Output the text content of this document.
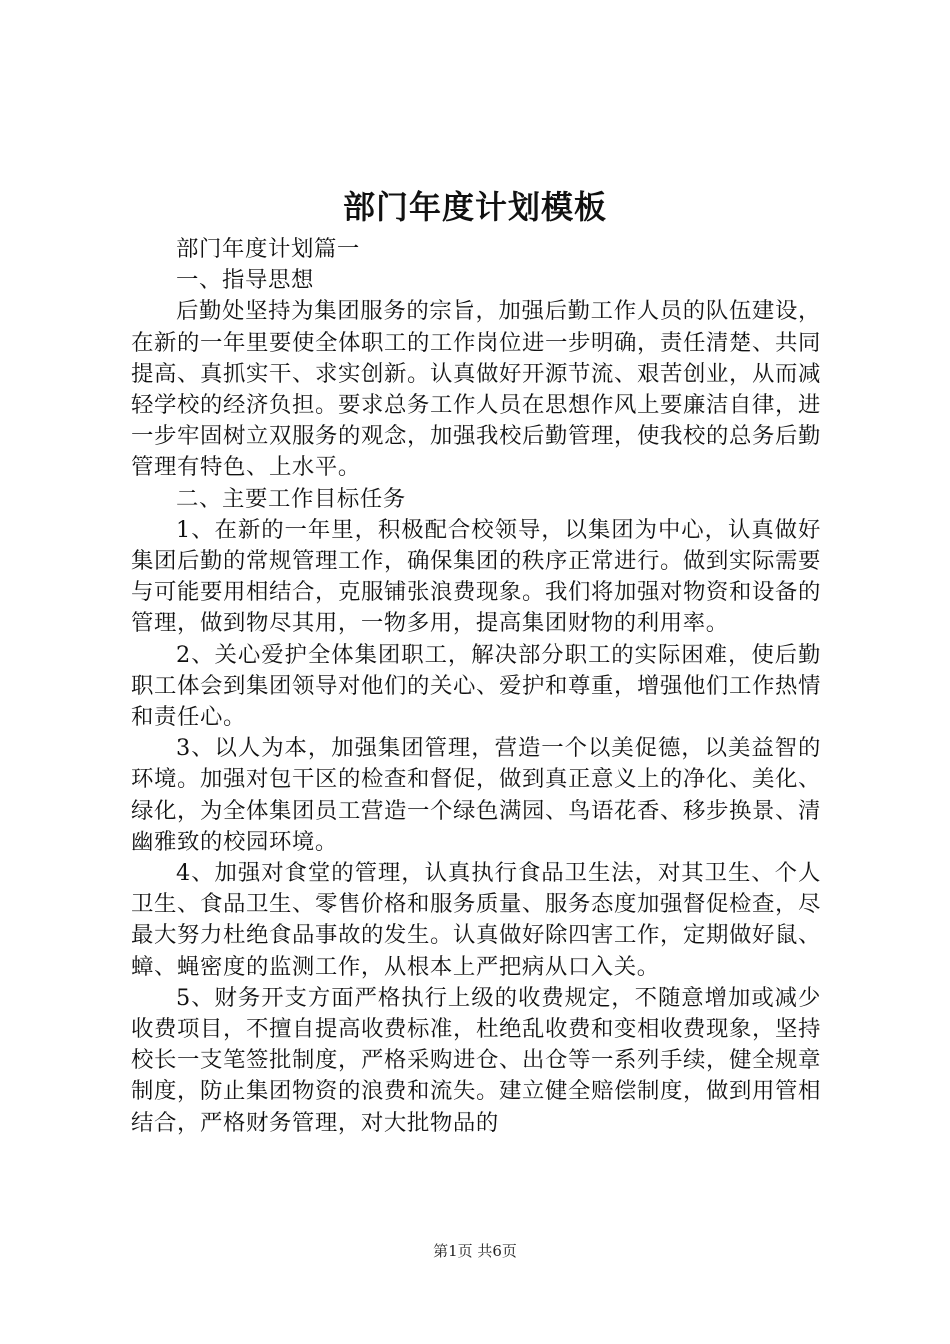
部门年度计划模板

部门年度计划篇一

一、指导思想

后勤处坚持为集团服务的宗旨，加强后勤工作人员的队伍建设，在新的一年里要使全体职工的工作岗位进一步明确，责任清楚、共同提高、真抓实干、求实创新。认真做好开源节流、艰苦创业，从而减轻学校的经济负担。要求总务工作人员在思想作风上要廉洁自律，进一步牢固树立双服务的观念，加强我校后勤管理，使我校的总务后勤管理有特色、上水平。

二、主要工作目标任务

1、在新的一年里，积极配合校领导，以集团为中心，认真做好集团后勤的常规管理工作，确保集团的秩序正常进行。做到实际需要与可能要用相结合，克服铺张浪费现象。我们将加强对物资和设备的管理，做到物尽其用，一物多用，提高集团财物的利用率。

2、关心爱护全体集团职工，解决部分职工的实际困难，使后勤职工体会到集团领导对他们的关心、爱护和尊重，增强他们工作热情和责任心。

3、以人为本，加强集团管理，营造一个以美促德，以美益智的环境。加强对包干区的检查和督促，做到真正意义上的净化、美化、绿化，为全体集团员工营造一个绿色满园、鸟语花香、移步换景、清幽雅致的校园环境。

4、加强对食堂的管理，认真执行食品卫生法，对其卫生、个人卫生、食品卫生、零售价格和服务质量、服务态度加强督促检查，尽最大努力杜绝食品事故的发生。认真做好除四害工作，定期做好鼠、蟑、蝇密度的监测工作，从根本上严把病从口入关。

5、财务开支方面严格执行上级的收费规定，不随意增加或减少收费项目，不擅自提高收费标准，杜绝乱收费和变相收费现象，坚持校长一支笔签批制度，严格采购进仓、出仓等一系列手续，健全规章制度，防止集团物资的浪费和流失。建立健全赔偿制度，做到用管相结合，严格财务管理，对大批物品的

第1页 共6页
